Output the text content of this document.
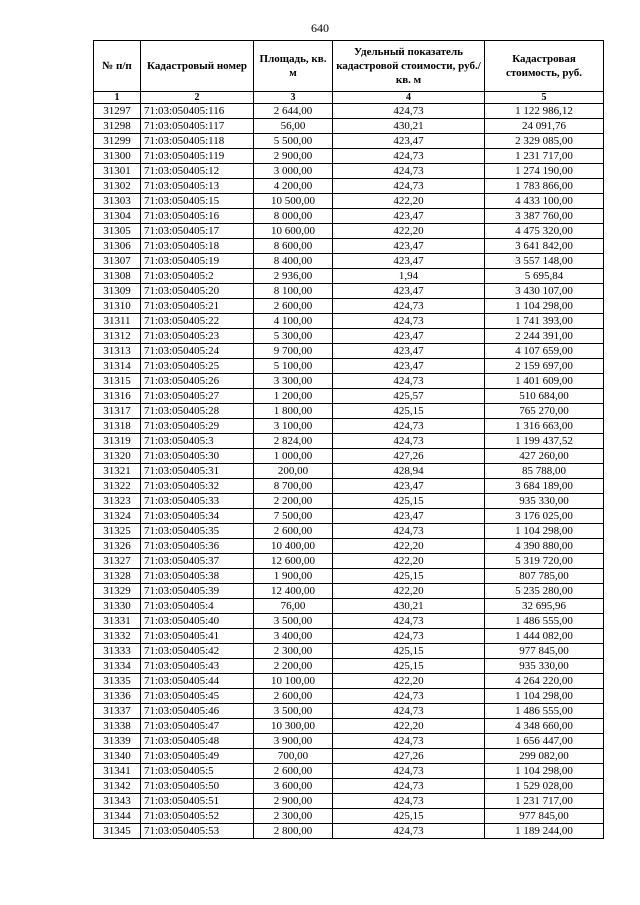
640
№ п/п	Кадастровый номер	Площадь, кв. м	Удельный показатель кадастровой стоимости, руб./кв. м	Кадастровая стоимость, руб.
1	2	3	4	5
31297	71:03:050405:116	2 644,00	424,73	1 122 986,12
31298	71:03:050405:117	56,00	430,21	24 091,76
31299	71:03:050405:118	5 500,00	423,47	2 329 085,00
31300	71:03:050405:119	2 900,00	424,73	1 231 717,00
31301	71:03:050405:12	3 000,00	424,73	1 274 190,00
31302	71:03:050405:13	4 200,00	424,73	1 783 866,00
31303	71:03:050405:15	10 500,00	422,20	4 433 100,00
31304	71:03:050405:16	8 000,00	423,47	3 387 760,00
31305	71:03:050405:17	10 600,00	422,20	4 475 320,00
31306	71:03:050405:18	8 600,00	423,47	3 641 842,00
31307	71:03:050405:19	8 400,00	423,47	3 557 148,00
31308	71:03:050405:2	2 936,00	1,94	5 695,84
31309	71:03:050405:20	8 100,00	423,47	3 430 107,00
31310	71:03:050405:21	2 600,00	424,73	1 104 298,00
31311	71:03:050405:22	4 100,00	424,73	1 741 393,00
31312	71:03:050405:23	5 300,00	423,47	2 244 391,00
31313	71:03:050405:24	9 700,00	423,47	4 107 659,00
31314	71:03:050405:25	5 100,00	423,47	2 159 697,00
31315	71:03:050405:26	3 300,00	424,73	1 401 609,00
31316	71:03:050405:27	1 200,00	425,57	510 684,00
31317	71:03:050405:28	1 800,00	425,15	765 270,00
31318	71:03:050405:29	3 100,00	424,73	1 316 663,00
31319	71:03:050405:3	2 824,00	424,73	1 199 437,52
31320	71:03:050405:30	1 000,00	427,26	427 260,00
31321	71:03:050405:31	200,00	428,94	85 788,00
31322	71:03:050405:32	8 700,00	423,47	3 684 189,00
31323	71:03:050405:33	2 200,00	425,15	935 330,00
31324	71:03:050405:34	7 500,00	423,47	3 176 025,00
31325	71:03:050405:35	2 600,00	424,73	1 104 298,00
31326	71:03:050405:36	10 400,00	422,20	4 390 880,00
31327	71:03:050405:37	12 600,00	422,20	5 319 720,00
31328	71:03:050405:38	1 900,00	425,15	807 785,00
31329	71:03:050405:39	12 400,00	422,20	5 235 280,00
31330	71:03:050405:4	76,00	430,21	32 695,96
31331	71:03:050405:40	3 500,00	424,73	1 486 555,00
31332	71:03:050405:41	3 400,00	424,73	1 444 082,00
31333	71:03:050405:42	2 300,00	425,15	977 845,00
31334	71:03:050405:43	2 200,00	425,15	935 330,00
31335	71:03:050405:44	10 100,00	422,20	4 264 220,00
31336	71:03:050405:45	2 600,00	424,73	1 104 298,00
31337	71:03:050405:46	3 500,00	424,73	1 486 555,00
31338	71:03:050405:47	10 300,00	422,20	4 348 660,00
31339	71:03:050405:48	3 900,00	424,73	1 656 447,00
31340	71:03:050405:49	700,00	427,26	299 082,00
31341	71:03:050405:5	2 600,00	424,73	1 104 298,00
31342	71:03:050405:50	3 600,00	424,73	1 529 028,00
31343	71:03:050405:51	2 900,00	424,73	1 231 717,00
31344	71:03:050405:52	2 300,00	425,15	977 845,00
31345	71:03:050405:53	2 800,00	424,73	1 189 244,00
